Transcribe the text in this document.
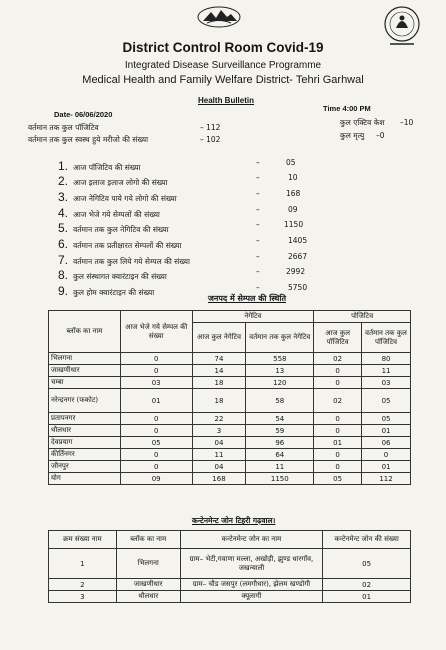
District Control Room Covid-19
Integrated Disease Surveillance Programme
Medical Health and Family Welfare District- Tehri Garhwal
Health Bulletin
Date- 06/06/2020
Time 4:00 PM
वर्तमान तक कुल पॉजिटिव	– 112
वर्तमान तक कुल स्वस्थ हुये मरीजो की संख्या	– 102
कुल एक्टिव केश –10
कुल मृत्यु –0
1. आज पॉजिटिव की संख्या
–	05
2. आज इलाज इलाज लोगो की संख्या
–	10
3. आज नेगिटिव पाये गये लोगो की संख्या
–	168
4. आज भेजे गये सेम्पलों की संख्या
–	09
5. वर्तमान तक कुल नेगिटिव की संख्या
–	1150
6. वर्तमान तक प्रतीक्षारत सेम्पलों की संख्या
–	1405
7. वर्तमान तक कुल लिये गये सेम्पल की संख्या
–	2667
8. कुल संस्थागत क्वारंटाइन की संख्या
–	2992
9. कुल होम क्वारंटाइन की संख्या
–	5750
जनपद में सेम्पल की स्थिति
ब्लॉक का नाम	आज भेजे गये सेम्पल की संख्या	नेगेटिव		पोजिटिव	
		आज कुल नेगेटिव	वर्तमान तक कुल नेगेटिव	आज कुल पॉजिटिव	वर्तमान तक कुल पॉजिटिव
भिलगना	0	74	558	02	80
जाखणीधार	0	14	13	0	11
चम्बा	03	18	120	0	03
नरेन्द्रनगर (फकोट)	01	18	58	02	05
प्रतापनगर	0	22	54	0	05
थौलधार	0	3	59	0	01
देवप्रयाग	05	04	96	01	06
कीर्तिनगर	0	11	64	0	0
जौनपुर	0	04	11	0	01
योग	09	168	1150	05	112
कन्टेनमेन्ट जोन टिहरी गढ़वाल।
क्रम संख्या नाम	ब्लॉक का नाम	कन्टेनमेन्ट जोन का नाम	कन्टेनमेन्ट जोन की संख्या
1	भिलगना	ग्राम– भेटी,गवाणा मल्ला, अखोड़ी, झुण्ड धारगॉव, जखन्याली	05
2	जाखणीधार	ग्राम– चौड जसपुर (लमगौधार), झेलम खण्डोगी	02
3	थौलधार	क्यूलागी	01
